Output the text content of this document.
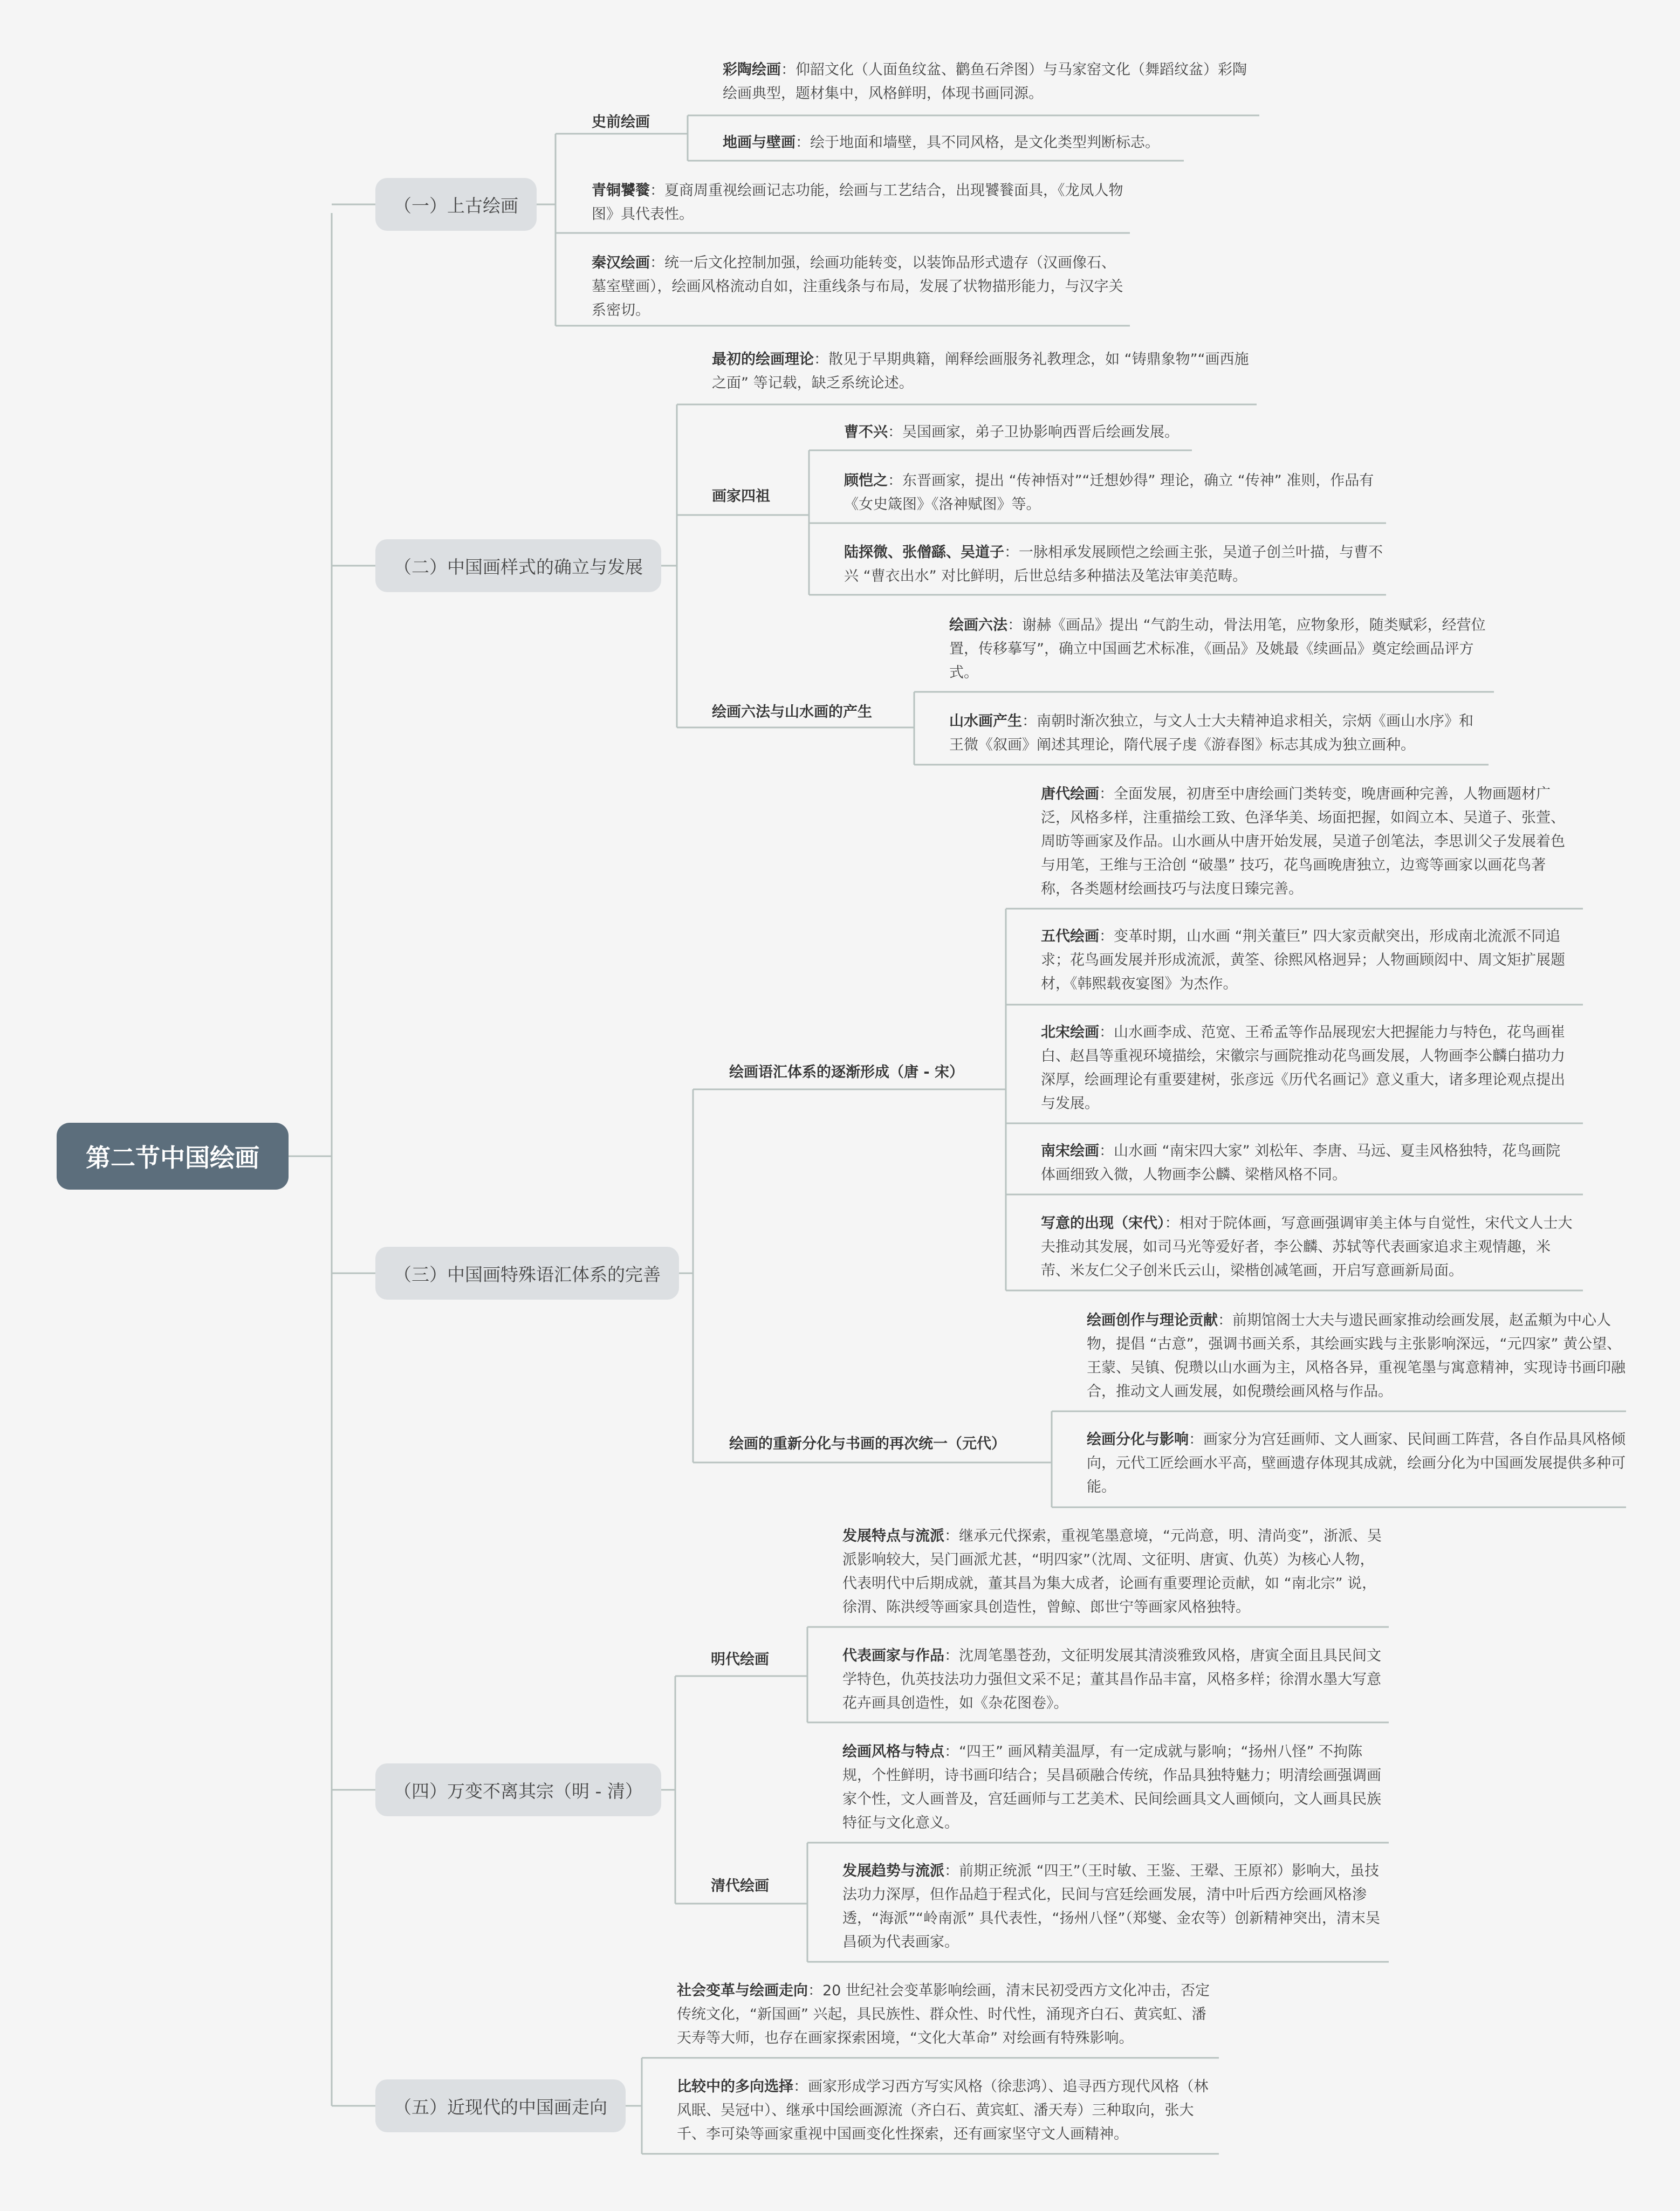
第二节中国绘画
（一）上古绘画
史前绘画
彩陶绘画：仰韶文化（人面鱼纹盆、鹳鱼石斧图）与马家窑文化（舞蹈纹盆）彩陶绘画典型，题材集中，风格鲜明，体现书画同源。
地画与壁画：绘于地面和墙壁，具不同风格，是文化类型判断标志。
青铜饕餮：夏商周重视绘画记志功能，绘画与工艺结合，出现饕餮面具，《龙凤人物图》具代表性。
秦汉绘画：统一后文化控制加强，绘画功能转变，以装饰品形式遗存（汉画像石、墓室壁画），绘画风格流动自如，注重线条与布局，发展了状物描形能力，与汉字关系密切。
（二）中国画样式的确立与发展
最初的绘画理论：散见于早期典籍，阐释绘画服务礼教理念，如 “铸鼎象物”“画西施之面” 等记载，缺乏系统论述。
画家四祖
曹不兴：吴国画家，弟子卫协影响西晋后绘画发展。
顾恺之：东晋画家，提出 “传神悟对”“迁想妙得” 理论，确立 “传神” 准则，作品有《女史箴图》《洛神赋图》等。
陆探微、张僧繇、吴道子：一脉相承发展顾恺之绘画主张，吴道子创兰叶描，与曹不兴 “曹衣出水” 对比鲜明，后世总结多种描法及笔法审美范畴。
绘画六法与山水画的产生
绘画六法：谢赫《画品》提出 “气韵生动，骨法用笔，应物象形，随类赋彩，经营位置，传移摹写”，确立中国画艺术标准，《画品》及姚最《续画品》奠定绘画品评方式。
山水画产生：南朝时渐次独立，与文人士大夫精神追求相关，宗炳《画山水序》和王微《叙画》阐述其理论，隋代展子虔《游春图》标志其成为独立画种。
（三）中国画特殊语汇体系的完善
绘画语汇体系的逐渐形成（唐 - 宋）
唐代绘画：全面发展，初唐至中唐绘画门类转变，晚唐画种完善，人物画题材广泛，风格多样，注重描绘工致、色泽华美、场面把握，如阎立本、吴道子、张萱、周昉等画家及作品。山水画从中唐开始发展，吴道子创笔法，李思训父子发展着色与用笔，王维与王洽创 “破墨” 技巧，花鸟画晚唐独立，边鸾等画家以画花鸟著称，各类题材绘画技巧与法度日臻完善。
五代绘画：变革时期，山水画 “荆关董巨” 四大家贡献突出，形成南北流派不同追求；花鸟画发展并形成流派，黄筌、徐熙风格迥异；人物画顾闳中、周文矩扩展题材，《韩熙载夜宴图》为杰作。
北宋绘画：山水画李成、范宽、王希孟等作品展现宏大把握能力与特色，花鸟画崔白、赵昌等重视环境描绘，宋徽宗与画院推动花鸟画发展，人物画李公麟白描功力深厚，绘画理论有重要建树，张彦远《历代名画记》意义重大，诸多理论观点提出与发展。
南宋绘画：山水画 “南宋四大家” 刘松年、李唐、马远、夏圭风格独特，花鸟画院体画细致入微，人物画李公麟、梁楷风格不同。
写意的出现（宋代）：相对于院体画，写意画强调审美主体与自觉性，宋代文人士大夫推动其发展，如司马光等爱好者，李公麟、苏轼等代表画家追求主观情趣，米芾、米友仁父子创米氏云山，梁楷创减笔画，开启写意画新局面。
绘画的重新分化与书画的再次统一（元代）
绘画创作与理论贡献：前期馆阁士大夫与遗民画家推动绘画发展，赵孟頫为中心人物，提倡 “古意”，强调书画关系，其绘画实践与主张影响深远，“元四家” 黄公望、王蒙、吴镇、倪瓒以山水画为主，风格各异，重视笔墨与寓意精神，实现诗书画印融合，推动文人画发展，如倪瓒绘画风格与作品。
绘画分化与影响：画家分为宫廷画师、文人画家、民间画工阵营，各自作品具风格倾向，元代工匠绘画水平高，壁画遗存体现其成就，绘画分化为中国画发展提供多种可能。
（四）万变不离其宗（明 - 清）
明代绘画
发展特点与流派：继承元代探索，重视笔墨意境，“元尚意，明、清尚变”，浙派、吴派影响较大，吴门画派尤甚，“明四家”（沈周、文征明、唐寅、仇英）为核心人物，代表明代中后期成就，董其昌为集大成者，论画有重要理论贡献，如 “南北宗” 说，徐渭、陈洪绶等画家具创造性，曾鲸、郎世宁等画家风格独特。
代表画家与作品：沈周笔墨苍劲，文征明发展其清淡雅致风格，唐寅全面且具民间文学特色，仇英技法功力强但文采不足；董其昌作品丰富，风格多样；徐渭水墨大写意花卉画具创造性，如《杂花图卷》。
清代绘画
绘画风格与特点：“四王” 画风精美温厚，有一定成就与影响；“扬州八怪” 不拘陈规，个性鲜明，诗书画印结合；吴昌硕融合传统，作品具独特魅力；明清绘画强调画家个性，文人画普及，宫廷画师与工艺美术、民间绘画具文人画倾向，文人画具民族特征与文化意义。
发展趋势与流派：前期正统派 “四王”（王时敏、王鉴、王翚、王原祁）影响大，虽技法功力深厚，但作品趋于程式化，民间与宫廷绘画发展，清中叶后西方绘画风格渗透，“海派”“岭南派” 具代表性，“扬州八怪”（郑燮、金农等）创新精神突出，清末吴昌硕为代表画家。
（五）近现代的中国画走向
社会变革与绘画走向：20 世纪社会变革影响绘画，清末民初受西方文化冲击，否定传统文化，“新国画” 兴起，具民族性、群众性、时代性，涌现齐白石、黄宾虹、潘天寿等大师，也存在画家探索困境，“文化大革命” 对绘画有特殊影响。
比较中的多向选择：画家形成学习西方写实风格（徐悲鸿）、追寻西方现代风格（林风眠、吴冠中）、继承中国绘画源流（齐白石、黄宾虹、潘天寿）三种取向，张大千、李可染等画家重视中国画变化性探索，还有画家坚守文人画精神。
